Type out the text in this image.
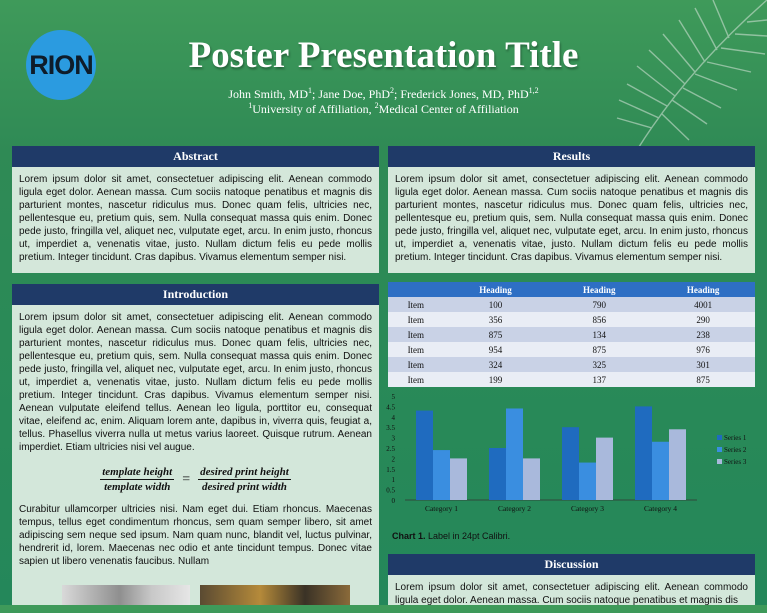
RION	Poster Presentation Title
John Smith, $MD^1$; Jane Doe, PhD$^2$; Frederick Jones, MD, PhD$^{1,2}$
$^1$University of Affiliation, $^2$Medical Center of Affiliation
Abstract
Lorem ipsum dolor sit amet, consectetuer adipiscing elit. Aenean commodo ligula eget dolor. Aenean massa. Cum sociis natoque penatibus et magnis dis parturient montes, nascetur ridiculus mus. Donec quam felis, ultricies nec, pellentesque eu, pretium quis, sem. Nulla consequat massa quis enim. Donec pede justo, fringilla vel, aliquet nec, vulputate eget, arcu. In enim justo, rhoncus ut, imperdiet a, venenatis vitae, justo. Nullam dictum felis eu pede mollis pretium. Integer tincidunt. Cras dapibus. Vivamus elementum semper nisi.
Introduction
Lorem ipsum dolor sit amet, consectetuer adipiscing elit. Aenean commodo ligula eget dolor. Aenean massa. Cum sociis natoque penatibus et magnis dis parturient montes, nascetur ridiculus mus. Donec quam felis, ultricies nec, pellentesque eu, pretium quis, sem. Nulla consequat massa quis enim. Donec pede justo, fringilla vel, aliquet nec, vulputate eget, arcu. In enim justo, rhoncus ut, imperdiet a, venenatis vitae, justo. Nullam dictum felis eu pede mollis pretium. Integer tincidunt. Cras dapibus. Vivamus elementum semper nisi. Aenean vulputate eleifend tellus. Aenean leo ligula, porttitor eu, consequat vitae, eleifend ac, enim. Aliquam lorem ante, dapibus in, viverra quis, feugiat a, tellus. Phasellus viverra nulla ut metus varius laoreet. Quisque rutrum. Aenean imperdiet. Etiam ultricies nisi vel augue.
$\frac{\text{template height}}{\text{template width}} = \frac{\text{desired print height}}{\text{desired print width}}$
Curabitur ullamcorper ultricies nisi. Nam eget dui. Etiam rhoncus. Maecenas tempus, tellus eget condimentum rhoncus, sem quam semper libero, sit amet adipiscing sem neque sed ipsum. Nam quam nunc, blandit vel, luctus pulvinar, hendrerit id, lorem. Maecenas nec odio et ante tincidunt tempus. Donec vitae sapien ut libero venenatis faucibus. Nullam
Results
Lorem ipsum dolor sit amet, consectetuer adipiscing elit. Aenean commodo ligula eget dolor. Aenean massa. Cum sociis natoque penatibus et magnis dis parturient montes, nascetur ridiculus mus. Donec quam felis, ultricies nec, pellentesque eu, pretium quis, sem. Nulla consequat massa quis enim. Donec pede justo, fringilla vel, aliquet nec, vulputate eget, arcu. In enim justo, rhoncus ut, imperdiet a, venenatis vitae, justo. Nullam dictum felis eu pede mollis pretium. Integer tincidunt. Cras dapibus. Vivamus elementum semper nisi.
	Heading	Heading	Heading
Item	100	790	4001
Item	356	856	290
Item	875	134	238
Item	954	875	976
Item	324	325	301
Item	199	137	875
0
0.5
1
1.5
2
2.5
3
3.5
4
4.5
5
Category 1	Category 2	Category 3	Category 4
Series 1
Series 2
Series 3
Chart 1. Label in 24pt Calibri.
Discussion
Lorem ipsum dolor sit amet, consectetuer adipiscing elit. Aenean commodo ligula eget dolor. Aenean massa. Cum sociis natoque penatibus et magnis dis
